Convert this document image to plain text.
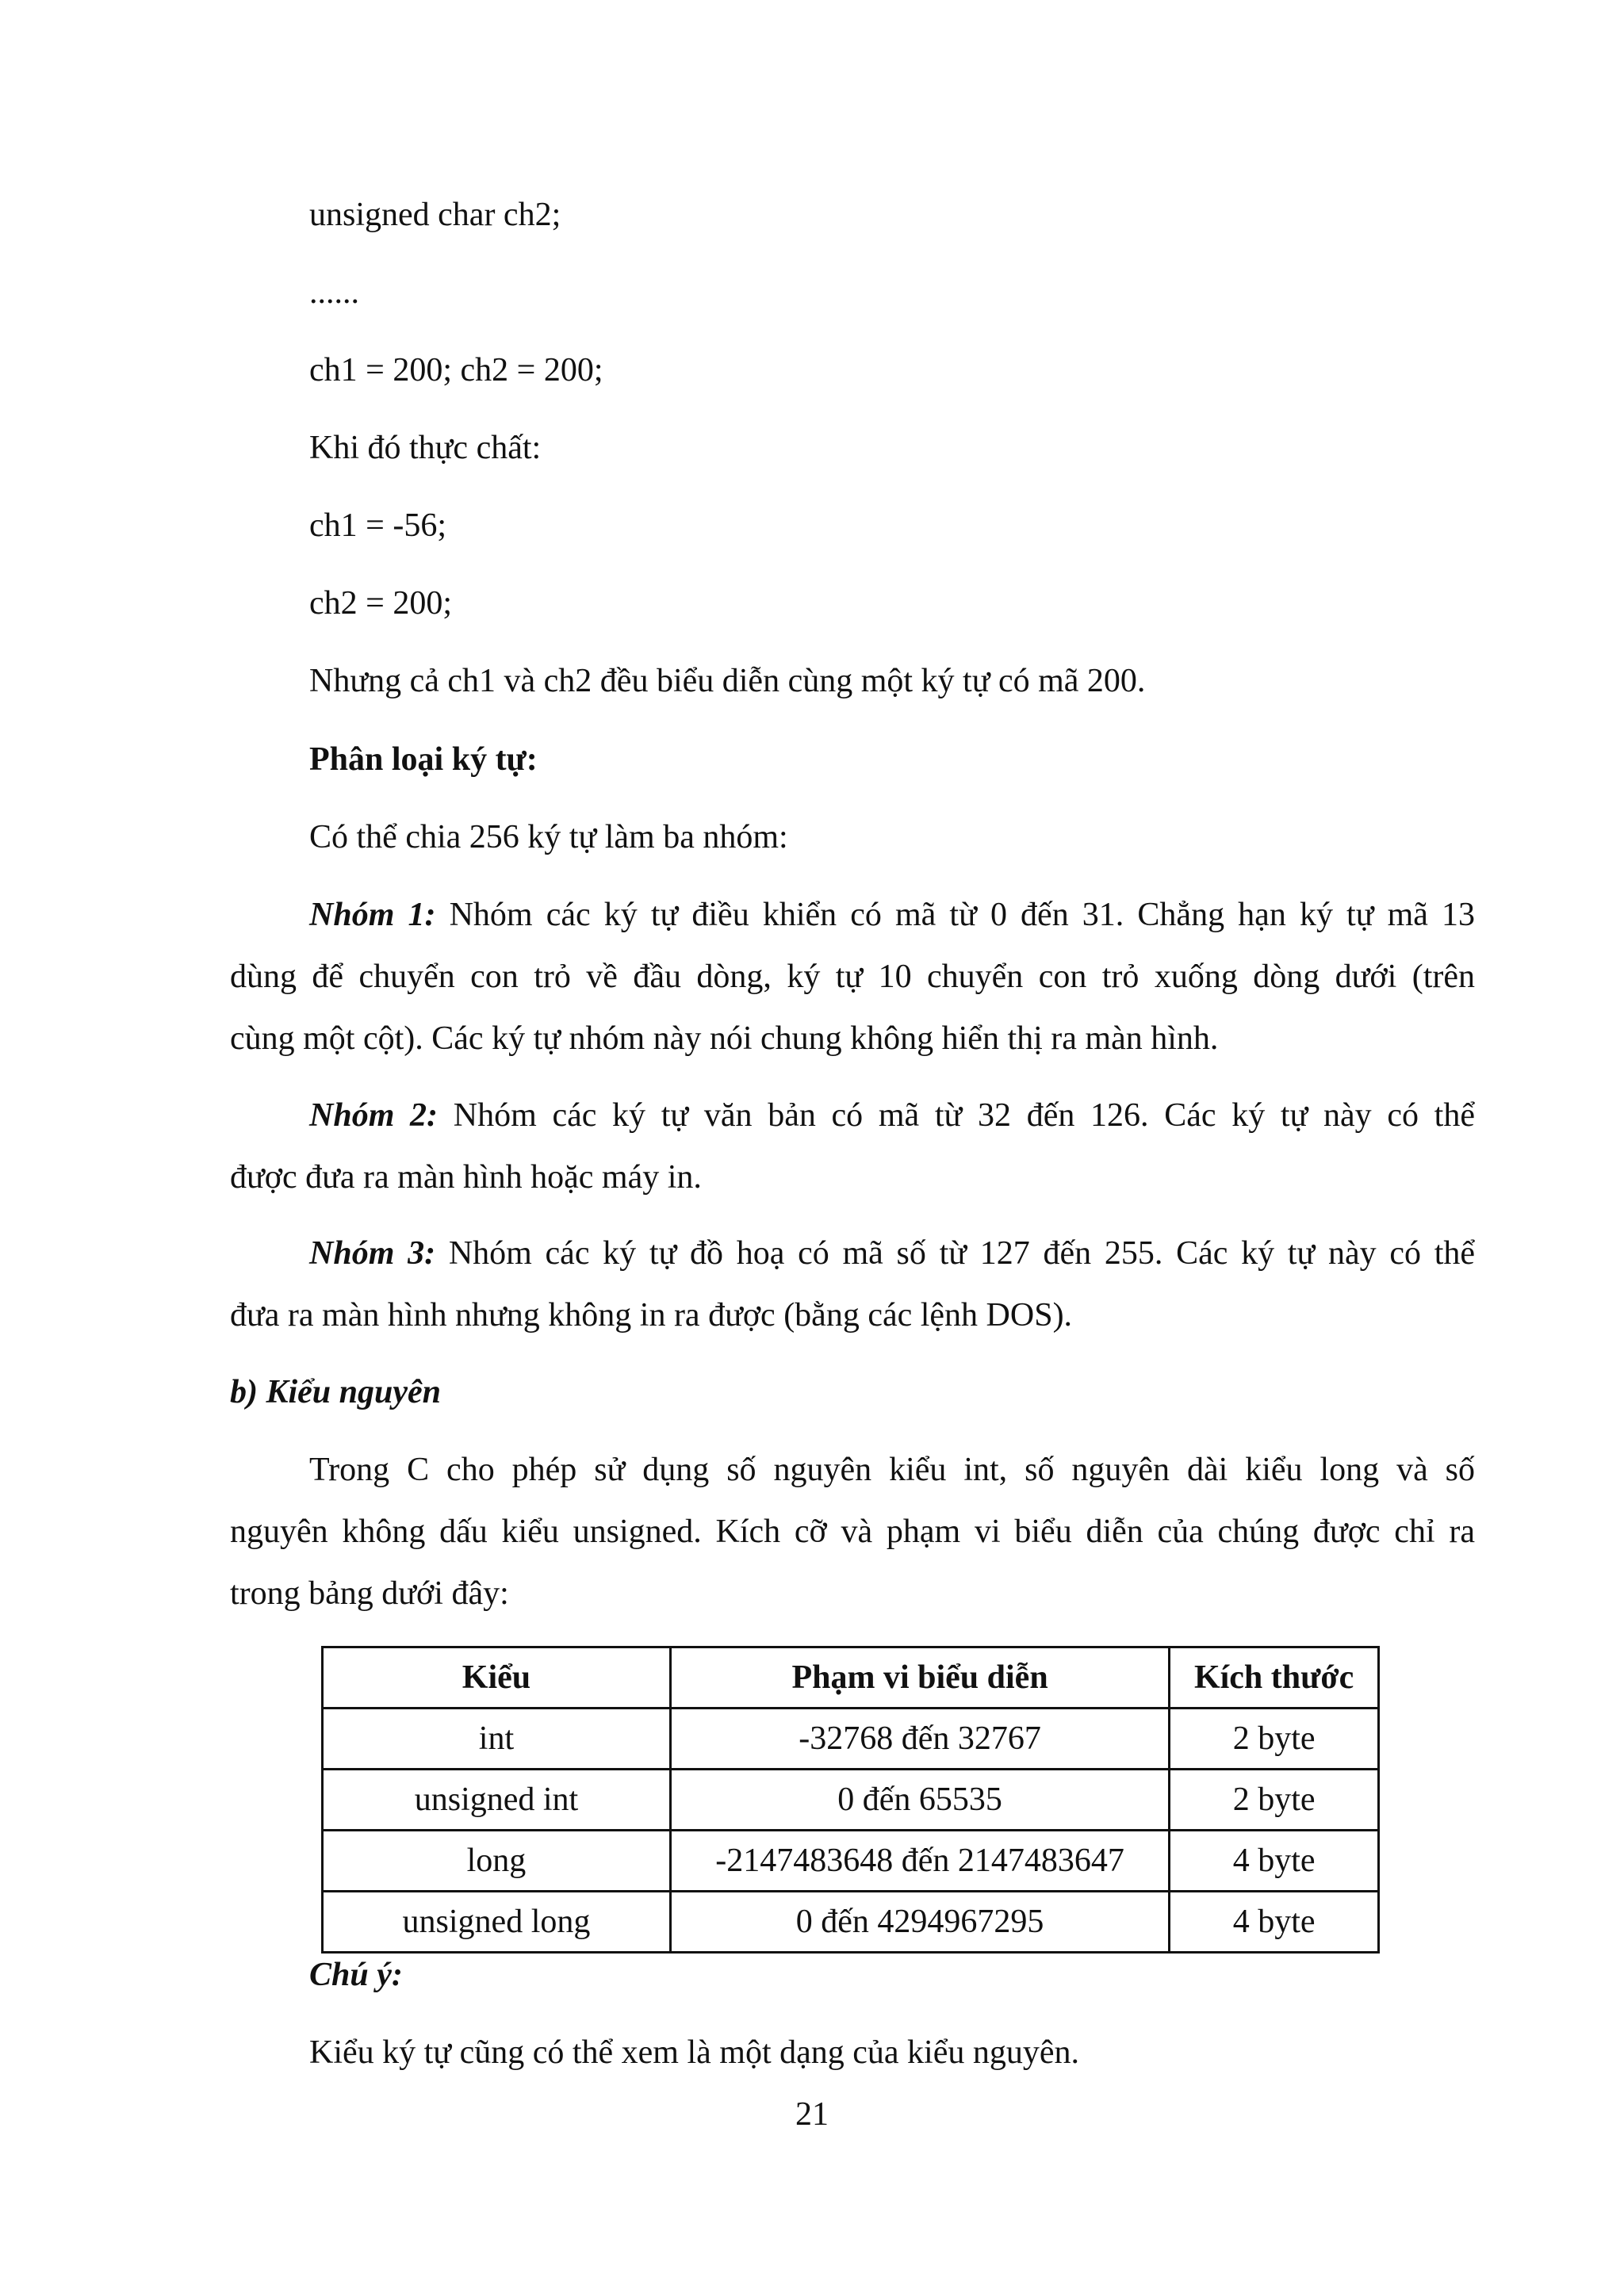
unsigned char ch2;
......
ch1 = 200; ch2 = 200;
Khi đó thực chất:
ch1 = -56;
ch2 = 200;
Nhưng cả ch1 và ch2 đều biểu diễn cùng một ký tự có mã 200.
Phân loại ký tự:
Có thể chia 256 ký tự làm ba nhóm:
Nhóm 1: Nhóm các ký tự điều khiển có mã từ 0 đến 31. Chẳng hạn ký tự mã 13
dùng để chuyển con trỏ về đầu dòng, ký tự 10 chuyển con trỏ xuống dòng dưới (trên
cùng một cột). Các ký tự nhóm này nói chung không hiển thị ra màn hình.
Nhóm 2: Nhóm các ký tự văn bản có mã từ 32 đến 126. Các ký tự này có thể
được đưa ra màn hình hoặc máy in.
Nhóm 3: Nhóm các ký tự đồ hoạ có mã số từ 127 đến 255. Các ký tự này có thể
đưa ra màn hình nhưng không in ra được (bằng các lệnh DOS).
b) Kiểu nguyên
Trong C cho phép sử dụng số nguyên kiểu int, số nguyên dài kiểu long và số
nguyên không dấu kiểu unsigned. Kích cỡ và phạm vi biểu diễn của chúng được chỉ ra
trong bảng dưới đây:
Kiểu	Phạm vi biểu diễn	Kích thước
int	-32768 đến 32767	2 byte
unsigned int	0 đến 65535	2 byte
long	-2147483648 đến 2147483647	4 byte
unsigned long	0 đến 4294967295	4 byte
Chú ý:
Kiểu ký tự cũng có thể xem là một dạng của kiểu nguyên.
21
